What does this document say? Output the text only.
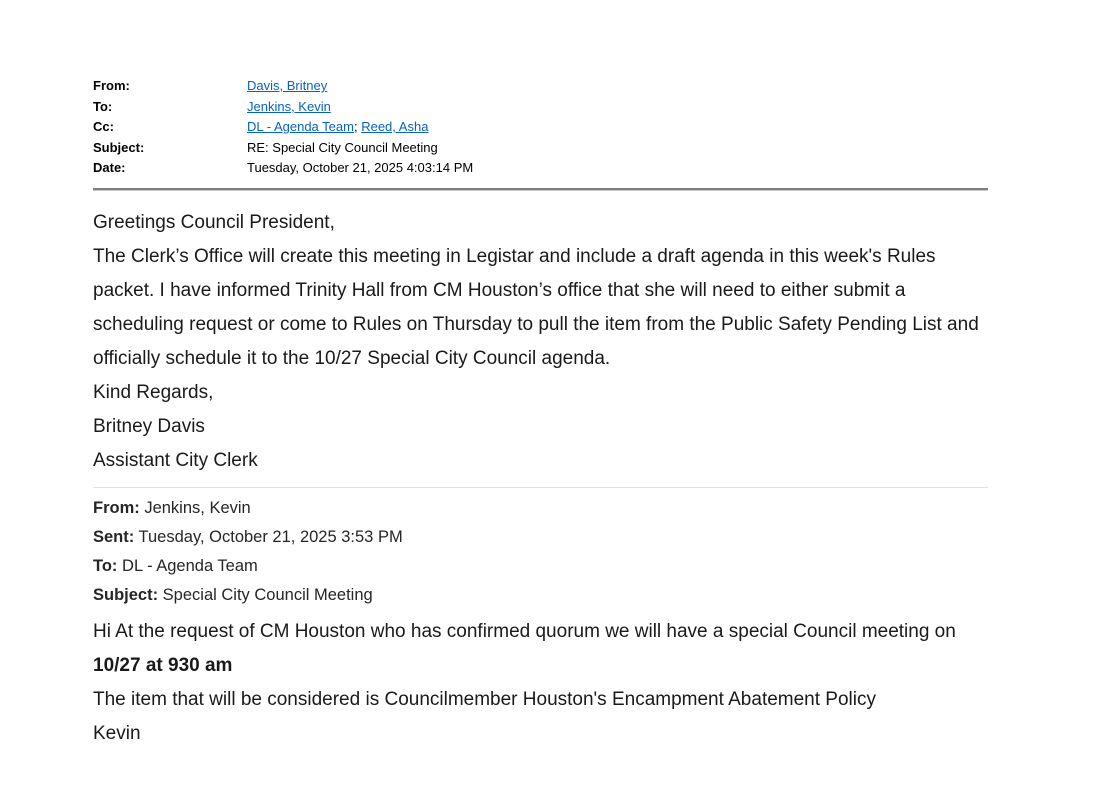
From:	Davis, Britney
To:	Jenkins, Kevin
Cc:	DL - Agenda Team; Reed, Asha
Subject:	RE: Special City Council Meeting
Date:	Tuesday, October 21, 2025 4:03:14 PM
Greetings Council President,
The Clerk’s Office will create this meeting in Legistar and include a draft agenda in this week's Rules packet. I have informed Trinity Hall from CM Houston’s office that she will need to either submit a scheduling request or come to Rules on Thursday to pull the item from the Public Safety Pending List and officially schedule it to the 10/27 Special City Council agenda.
Kind Regards,
Britney Davis
Assistant City Clerk
From: Jenkins, Kevin
Sent: Tuesday, October 21, 2025 3:53 PM
To: DL - Agenda Team
Subject: Special City Council Meeting
Hi At the request of CM Houston who has confirmed quorum we will have a special Council meeting on 10/27 at 930 am
The item that will be considered is Councilmember Houston's Encampment Abatement Policy
Kevin
